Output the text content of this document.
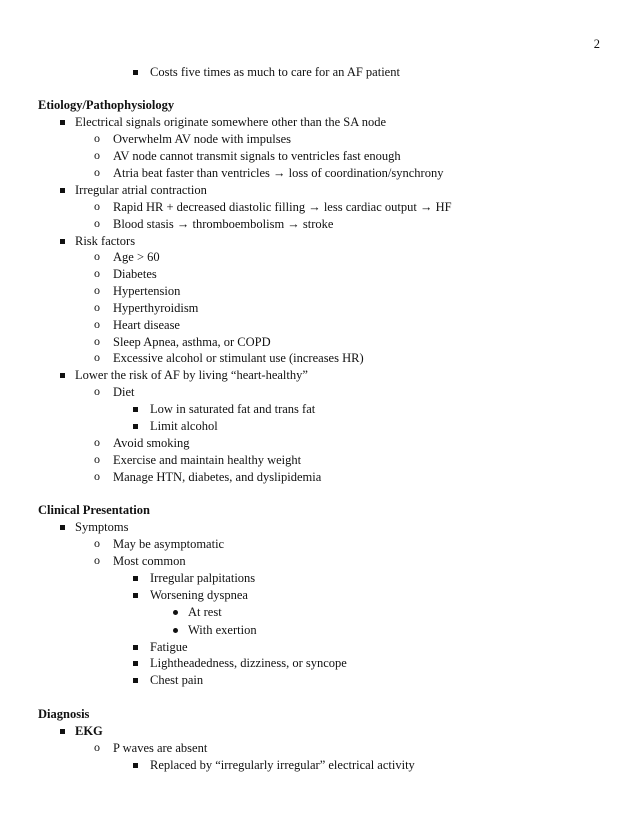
2
Costs five times as much to care for an AF patient
Etiology/Pathophysiology
Electrical signals originate somewhere other than the SA node
o
Overwhelm AV node with impulses
o
AV node cannot transmit signals to ventricles fast enough
o
Atria beat faster than ventricles → loss of coordination/synchrony
Irregular atrial contraction
o
Rapid HR + decreased diastolic filling → less cardiac output → HF
o
Blood stasis → thromboembolism → stroke
Risk factors
o
Age > 60
o
Diabetes
o
Hypertension
o
Hyperthyroidism
o
Heart disease
o
Sleep Apnea, asthma, or COPD
o
Excessive alcohol or stimulant use (increases HR)
Lower the risk of AF by living “heart-healthy”
o
Diet
Low in saturated fat and trans fat
Limit alcohol
o
Avoid smoking
o
Exercise and maintain healthy weight
o
Manage HTN, diabetes, and dyslipidemia
Clinical Presentation
Symptoms
o
May be asymptomatic
o
Most common
Irregular palpitations
Worsening dyspnea
At rest
With exertion
Fatigue
Lightheadedness, dizziness, or syncope
Chest pain
Diagnosis
EKG
o
P waves are absent
Replaced by “irregularly irregular” electrical activity
